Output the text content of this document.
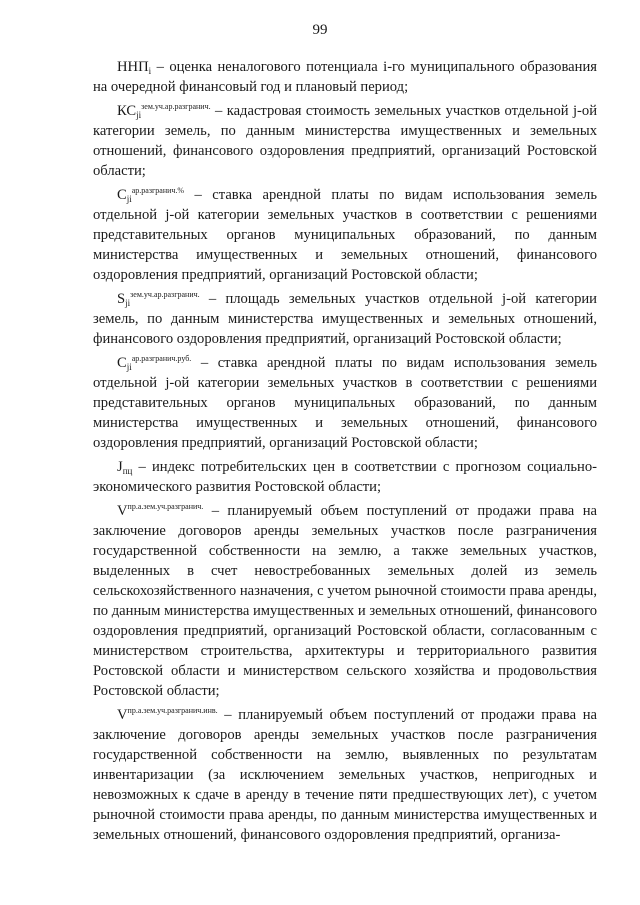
99

$ННП_i$ – оценка неналогового потенциала i-го муниципального образования на очередной финансовый год и плановый период;

$КС_{ji}^{зем.уч.ар.разгранич.}$ – кадастровая стоимость земельных участков отдельной j-ой категории земель, по данным министерства имущественных и земельных отношений, финансового оздоровления предприятий, организаций Ростовской области;

$С_{ji}^{ар.разгранич.\%}$ – ставка арендной платы по видам использования земель отдельной j-ой категории земельных участков в соответствии с решениями представительных органов муниципальных образований, по данным министерства имущественных и земельных отношений, финансового оздоровления предприятий, организаций Ростовской области;

$S_{ji}^{зем.уч.ар.разгранич.}$ – площадь земельных участков отдельной j-ой категории земель, по данным министерства имущественных и земельных отношений, финансового оздоровления предприятий, организаций Ростовской области;

$С_{ji}^{ар.разгранич.руб.}$ – ставка арендной платы по видам использования земель отдельной j-ой категории земельных участков в соответствии с решениями представительных органов муниципальных образований, по данным министерства имущественных и земельных отношений, финансового оздоровления предприятий, организаций Ростовской области;

$J_{пц}$ – индекс потребительских цен в соответствии с прогнозом социально-экономического развития Ростовской области;

$V^{пр.а.зем.уч.разгранич.}$ – планируемый объем поступлений от продажи права на заключение договоров аренды земельных участков после разграничения государственной собственности на землю, а также земельных участков, выделенных в счет невостребованных земельных долей из земель сельскохозяйственного назначения, с учетом рыночной стоимости права аренды, по данным министерства имущественных и земельных отношений, финансового оздоровления предприятий, организаций Ростовской области, согласованным с министерством строительства, архитектуры и территориального развития Ростовской области и министерством сельского хозяйства и продовольствия Ростовской области;

$V^{пр.а.зем.уч.разгранич.инв.}$ – планируемый объем поступлений от продажи права на заключение договоров аренды земельных участков после разграничения государственной собственности на землю, выявленных по результатам инвентаризации (за исключением земельных участков, непригодных и невозможных к сдаче в аренду в течение пяти предшествующих лет), с учетом рыночной стоимости права аренды, по данным министерства имущественных и земельных отношений, финансового оздоровления предприятий, организа-
